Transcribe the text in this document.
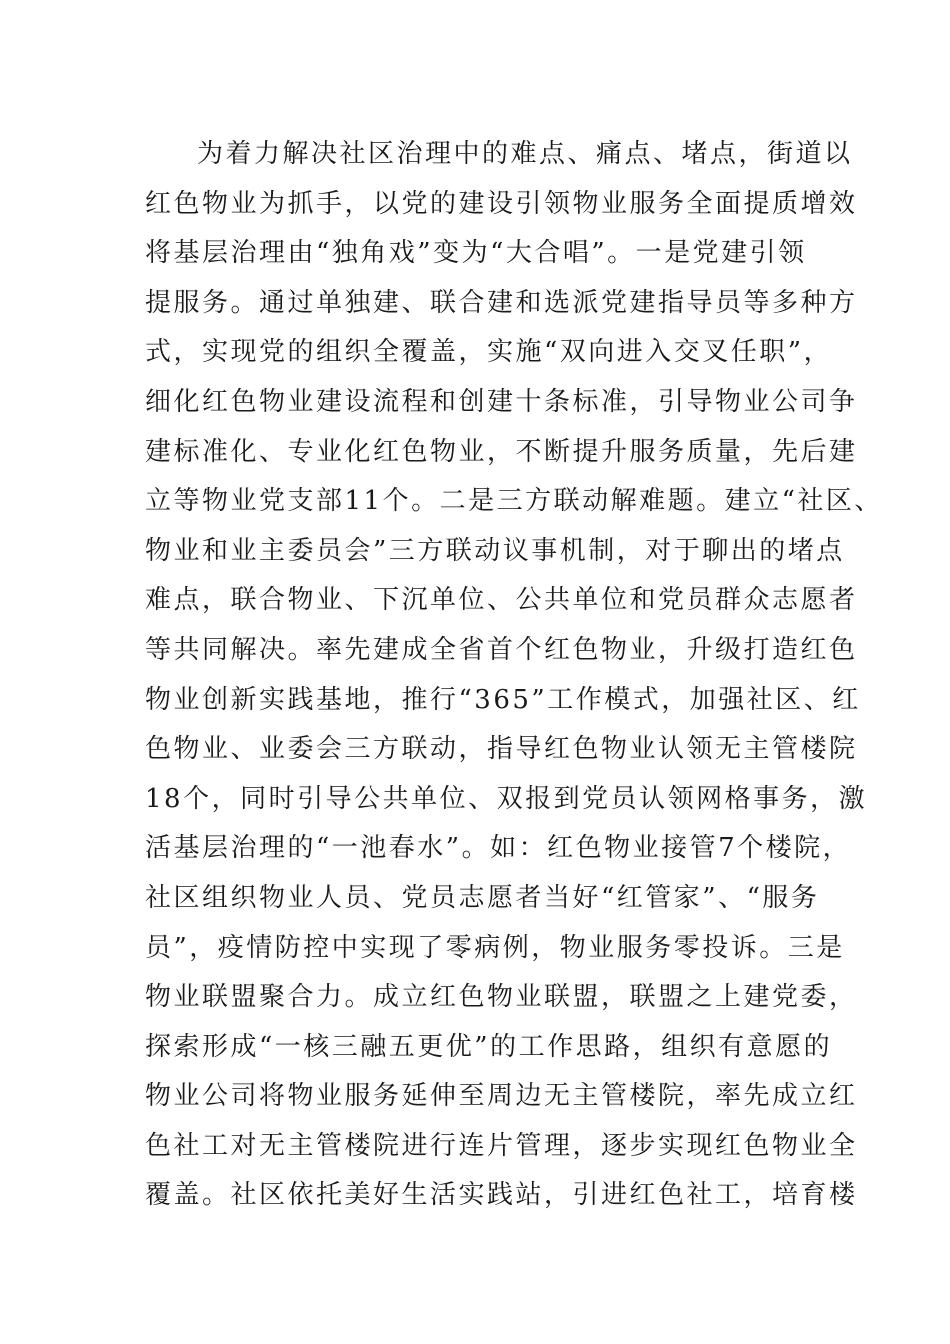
为着力解决社区治理中的难点、痛点、堵点，街道以
红色物业为抓手，以党的建设引领物业服务全面提质增效
将基层治理由“独角戏”变为“大合唱”。一是党建引领
提服务。通过单独建、联合建和选派党建指导员等多种方
式，实现党的组织全覆盖，实施“双向进入交叉任职”，
细化红色物业建设流程和创建十条标准，引导物业公司争
建标准化、专业化红色物业，不断提升服务质量，先后建
立等物业党支部11个。二是三方联动解难题。建立“社区、
物业和业主委员会”三方联动议事机制，对于聊出的堵点
难点，联合物业、下沉单位、公共单位和党员群众志愿者
等共同解决。率先建成全省首个红色物业，升级打造红色
物业创新实践基地，推行“365”工作模式，加强社区、红
色物业、业委会三方联动，指导红色物业认领无主管楼院
18个，同时引导公共单位、双报到党员认领网格事务，激
活基层治理的“一池春水”。如：红色物业接管7个楼院，
社区组织物业人员、党员志愿者当好“红管家”、“服务
员”，疫情防控中实现了零病例，物业服务零投诉。三是
物业联盟聚合力。成立红色物业联盟，联盟之上建党委，
探索形成“一核三融五更优”的工作思路，组织有意愿的
物业公司将物业服务延伸至周边无主管楼院，率先成立红
色社工对无主管楼院进行连片管理，逐步实现红色物业全
覆盖。社区依托美好生活实践站，引进红色社工，培育楼
